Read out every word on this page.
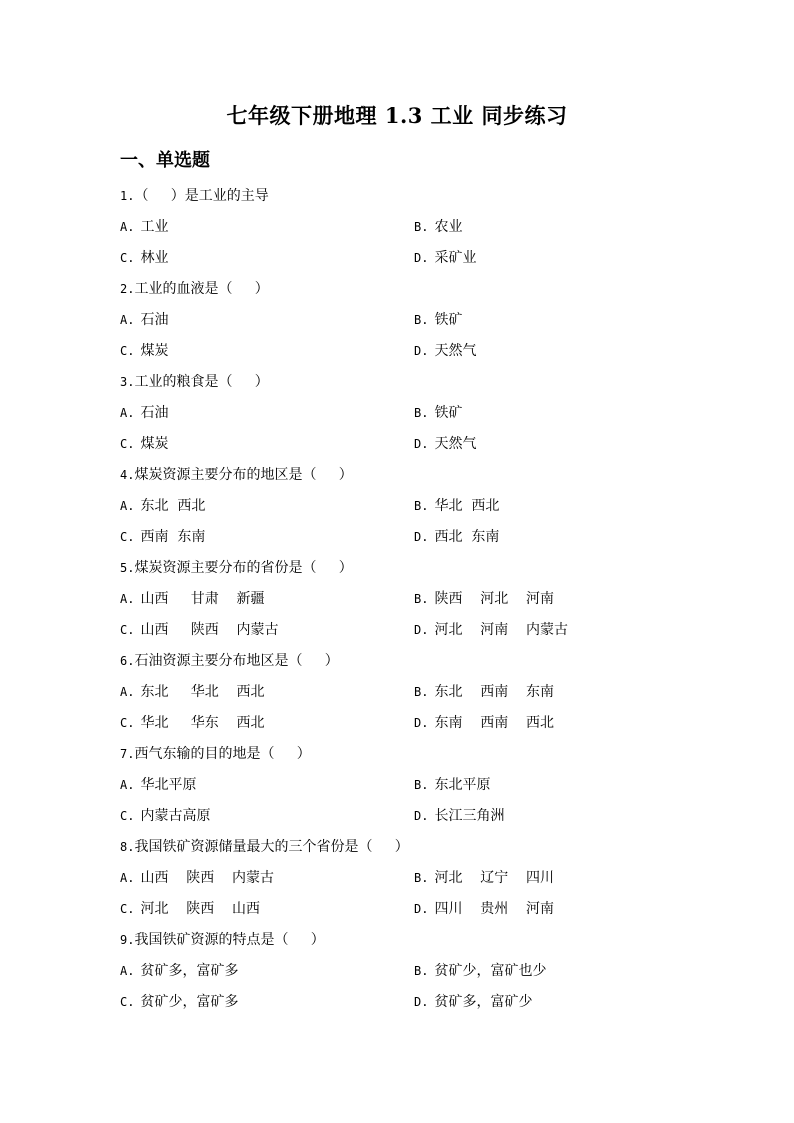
七年级下册地理 1.3 工业 同步练习
一、单选题
1.（     ）是工业的主导
A. 工业	B. 农业
C. 林业	D. 采矿业
2.工业的血液是（     ）
A. 石油	B. 铁矿
C. 煤炭	D. 天然气
3.工业的粮食是（     ）
A. 石油	B. 铁矿
C. 煤炭	D. 天然气
4.煤炭资源主要分布的地区是（     ）
A. 东北  西北	B. 华北  西北
C. 西南  东南	D. 西北  东南
5.煤炭资源主要分布的省份是（     ）
A. 山西     甘肃    新疆	B. 陕西    河北    河南
C. 山西     陕西    内蒙古	D. 河北    河南    内蒙古
6.石油资源主要分布地区是（     ）
A. 东北     华北    西北	B. 东北    西南    东南
C. 华北     华东    西北	D. 东南    西南    西北
7.西气东输的目的地是（     ）
A. 华北平原	B. 东北平原
C. 内蒙古高原	D. 长江三角洲
8.我国铁矿资源储量最大的三个省份是（     ）
A. 山西    陕西    内蒙古	B. 河北    辽宁    四川
C. 河北    陕西    山西	D. 四川    贵州    河南
9.我国铁矿资源的特点是（     ）
A. 贫矿多，富矿多	B. 贫矿少，富矿也少
C. 贫矿少，富矿多	D. 贫矿多，富矿少
